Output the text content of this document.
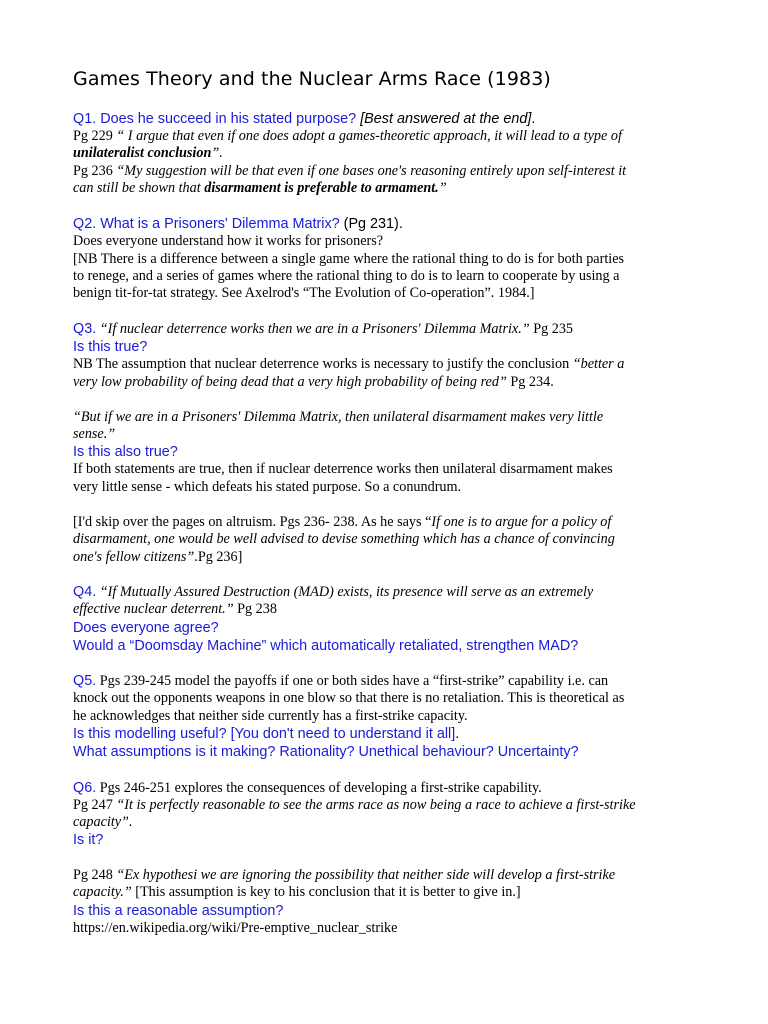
Games Theory and the Nuclear Arms Race (1983)
Q1. Does he succeed in his stated purpose? [Best answered at the end].
Pg 229 “ I argue that even if one does adopt a games-theoretic approach, it will lead to a type of
unilateralist conclusion”.
Pg 236 “My suggestion will be that even if one bases one's reasoning entirely upon self-interest it
can still be shown that disarmament is preferable to armament.”
Q2. What is a Prisoners' Dilemma Matrix? (Pg 231).
Does everyone understand how it works for prisoners?
[NB There is a difference between a single game where the rational thing to do is for both parties
to renege, and a series of games where the rational thing to do is to learn to cooperate by using a
benign tit-for-tat strategy. See Axelrod's “The Evolution of Co-operation”. 1984.]
Q3. “If nuclear deterrence works then we are in a Prisoners' Dilemma Matrix.” Pg 235
Is this true?
NB The assumption that nuclear deterrence works is necessary to justify the conclusion “better a
very low probability of being dead that a very high probability of being red” Pg 234.
“But if we are in a Prisoners' Dilemma Matrix, then unilateral disarmament makes very little
sense.”
Is this also true?
If both statements are true, then if nuclear deterrence works then unilateral disarmament makes
very little sense - which defeats his stated purpose. So a conundrum.
[I'd skip over the pages on altruism. Pgs 236- 238. As he says “If one is to argue for a policy of
disarmament, one would be well advised to devise something which has a chance of convincing
one's fellow citizens”.Pg 236]
Q4. “If Mutually Assured Destruction (MAD) exists, its presence will serve as an extremely
effective nuclear deterrent.” Pg 238
Does everyone agree?
Would a “Doomsday Machine” which automatically retaliated, strengthen MAD?
Q5. Pgs 239-245 model the payoffs if one or both sides have a “first-strike” capability i.e. can
knock out the opponents weapons in one blow so that there is no retaliation. This is theoretical as
he acknowledges that neither side currently has a first-strike capacity.
Is this modelling useful? [You don't need to understand it all].
What assumptions is it making? Rationality? Unethical behaviour? Uncertainty?
Q6. Pgs 246-251 explores the consequences of developing a first-strike capability.
Pg 247 “It is perfectly reasonable to see the arms race as now being a race to achieve a first-strike
capacity”.
Is it?
Pg 248 “Ex hypothesi we are ignoring the possibility that neither side will develop a first-strike
capacity.” [This assumption is key to his conclusion that it is better to give in.]
Is this a reasonable assumption?
https://en.wikipedia.org/wiki/Pre-emptive_nuclear_strike
